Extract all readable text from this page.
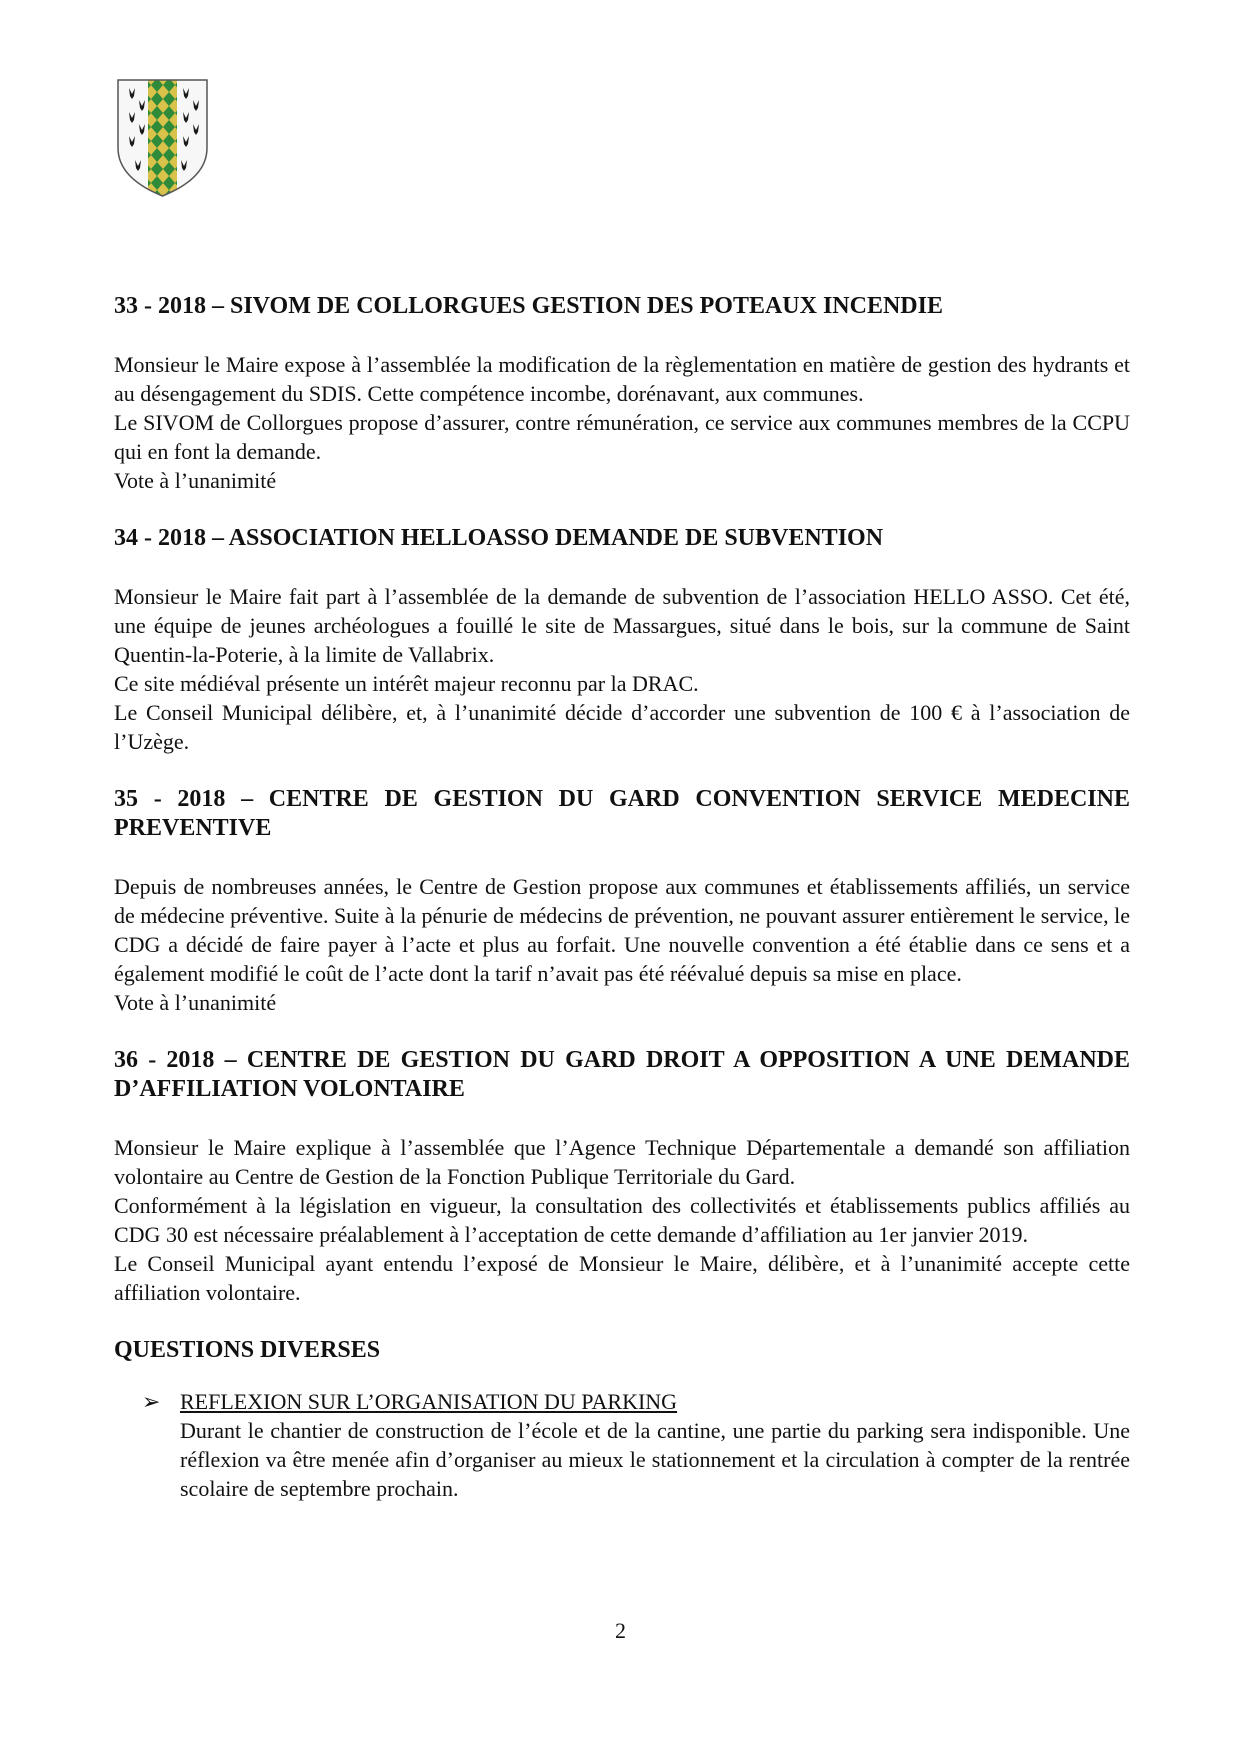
33 - 2018 – SIVOM DE COLLORGUES GESTION DES POTEAUX INCENDIE

Monsieur le Maire expose à l’assemblée la modification de la règlementation en matière de gestion des hydrants et au désengagement du SDIS. Cette compétence incombe, dorénavant, aux communes.
Le SIVOM de Collorgues propose d’assurer, contre rémunération, ce service aux communes membres de la CCPU qui en font la demande.
Vote à l’unanimité

34 - 2018 – ASSOCIATION HELLOASSO DEMANDE DE SUBVENTION

Monsieur le Maire fait part à l’assemblée de la demande de subvention de l’association HELLO ASSO. Cet été, une équipe de jeunes archéologues a fouillé le site de Massargues, situé dans le bois, sur la commune de Saint Quentin-la-Poterie, à la limite de Vallabrix.
Ce site médiéval présente un intérêt majeur reconnu par la DRAC.
Le Conseil Municipal délibère, et, à l’unanimité décide d’accorder une subvention de 100 € à l’association de l’Uzège.

35 - 2018 – CENTRE DE GESTION DU GARD CONVENTION SERVICE MEDECINE PREVENTIVE

Depuis de nombreuses années, le Centre de Gestion propose aux communes et établissements affiliés, un service de médecine préventive. Suite à la pénurie de médecins de prévention, ne pouvant assurer entièrement le service, le CDG a décidé de faire payer à l’acte et plus au forfait. Une nouvelle convention a été établie dans ce sens et a également modifié le coût de l’acte dont la tarif n’avait pas été réévalué depuis sa mise en place.
Vote à l’unanimité

36 - 2018 – CENTRE DE GESTION DU GARD DROIT A OPPOSITION A UNE DEMANDE D’AFFILIATION VOLONTAIRE

Monsieur le Maire explique à l’assemblée que l’Agence Technique Départementale a demandé son affiliation volontaire au Centre de Gestion de la Fonction Publique Territoriale du Gard.
Conformément à la législation en vigueur, la consultation des collectivités et établissements publics affiliés au CDG 30 est nécessaire préalablement à l’acceptation de cette demande d’affiliation au 1er janvier 2019.
Le Conseil Municipal ayant entendu l’exposé de Monsieur le Maire, délibère, et à l’unanimité accepte cette affiliation volontaire.

QUESTIONS DIVERSES
➢ REFLEXION SUR L’ORGANISATION DU PARKING

Durant le chantier de construction de l’école et de la cantine, une partie du parking sera indisponible. Une réflexion va être menée afin d’organiser au mieux le stationnement et la circulation à compter de la rentrée scolaire de septembre prochain.

2
